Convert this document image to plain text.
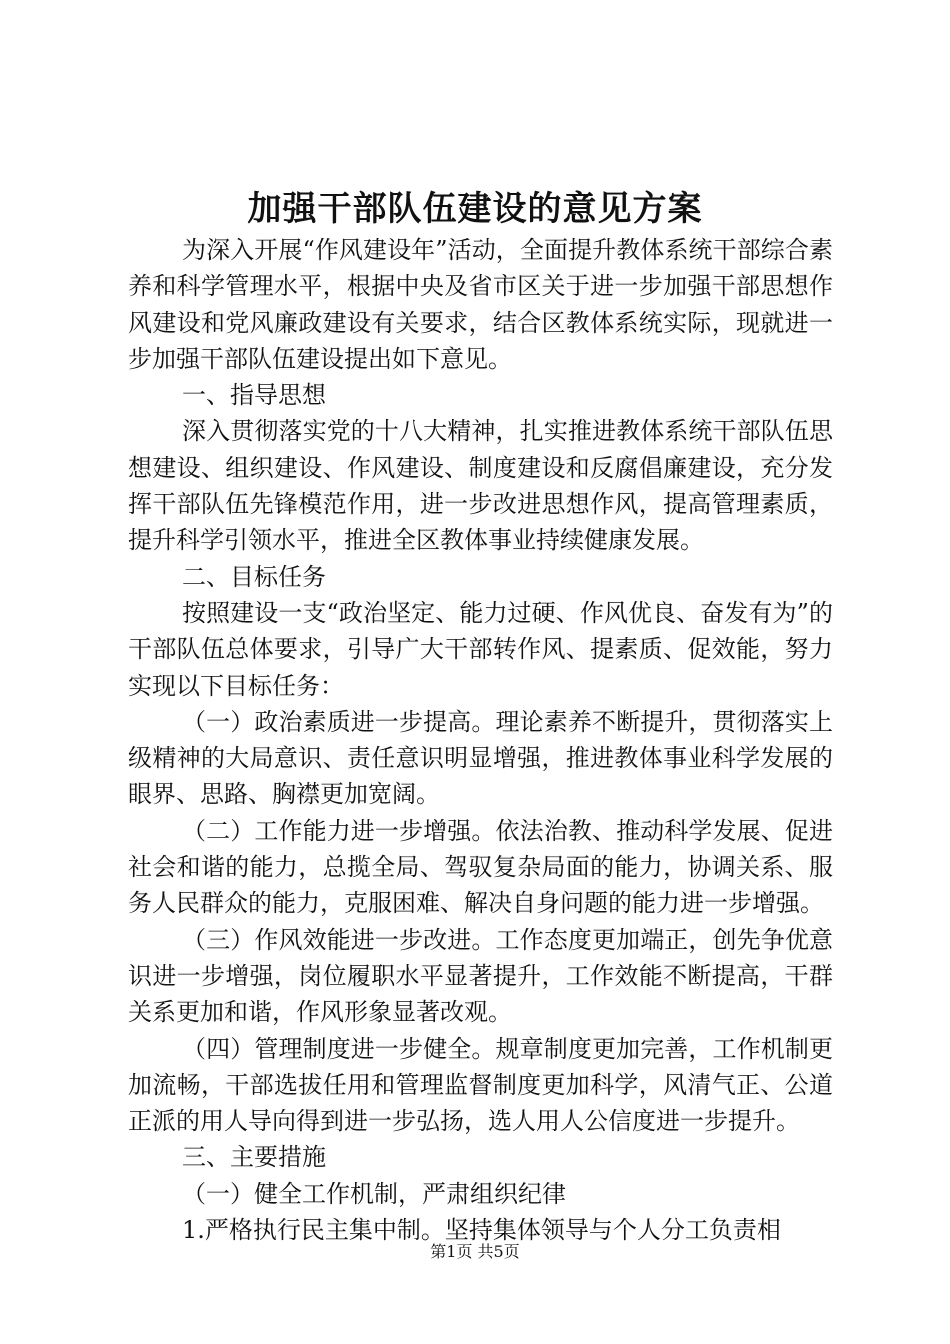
加强干部队伍建设的意见方案

为深入开展“作风建设年”活动，全面提升教体系统干部综合素养和科学管理水平，根据中央及省市区关于进一步加强干部思想作风建设和党风廉政建设有关要求，结合区教体系统实际，现就进一步加强干部队伍建设提出如下意见。

一、指导思想

深入贯彻落实党的十八大精神，扎实推进教体系统干部队伍思想建设、组织建设、作风建设、制度建设和反腐倡廉建设，充分发挥干部队伍先锋模范作用，进一步改进思想作风，提高管理素质，提升科学引领水平，推进全区教体事业持续健康发展。

二、目标任务

按照建设一支“政治坚定、能力过硬、作风优良、奋发有为”的干部队伍总体要求，引导广大干部转作风、提素质、促效能，努力实现以下目标任务：

（一）政治素质进一步提高。理论素养不断提升，贯彻落实上级精神的大局意识、责任意识明显增强，推进教体事业科学发展的眼界、思路、胸襟更加宽阔。

（二）工作能力进一步增强。依法治教、推动科学发展、促进社会和谐的能力，总揽全局、驾驭复杂局面的能力，协调关系、服务人民群众的能力，克服困难、解决自身问题的能力进一步增强。

（三）作风效能进一步改进。工作态度更加端正，创先争优意识进一步增强，岗位履职水平显著提升，工作效能不断提高，干群关系更加和谐，作风形象显著改观。

（四）管理制度进一步健全。规章制度更加完善，工作机制更加流畅，干部选拔任用和管理监督制度更加科学，风清气正、公道正派的用人导向得到进一步弘扬，选人用人公信度进一步提升。

三、主要措施

（一）健全工作机制，严肃组织纪律

1.严格执行民主集中制。坚持集体领导与个人分工负责相

第1页 共5页
